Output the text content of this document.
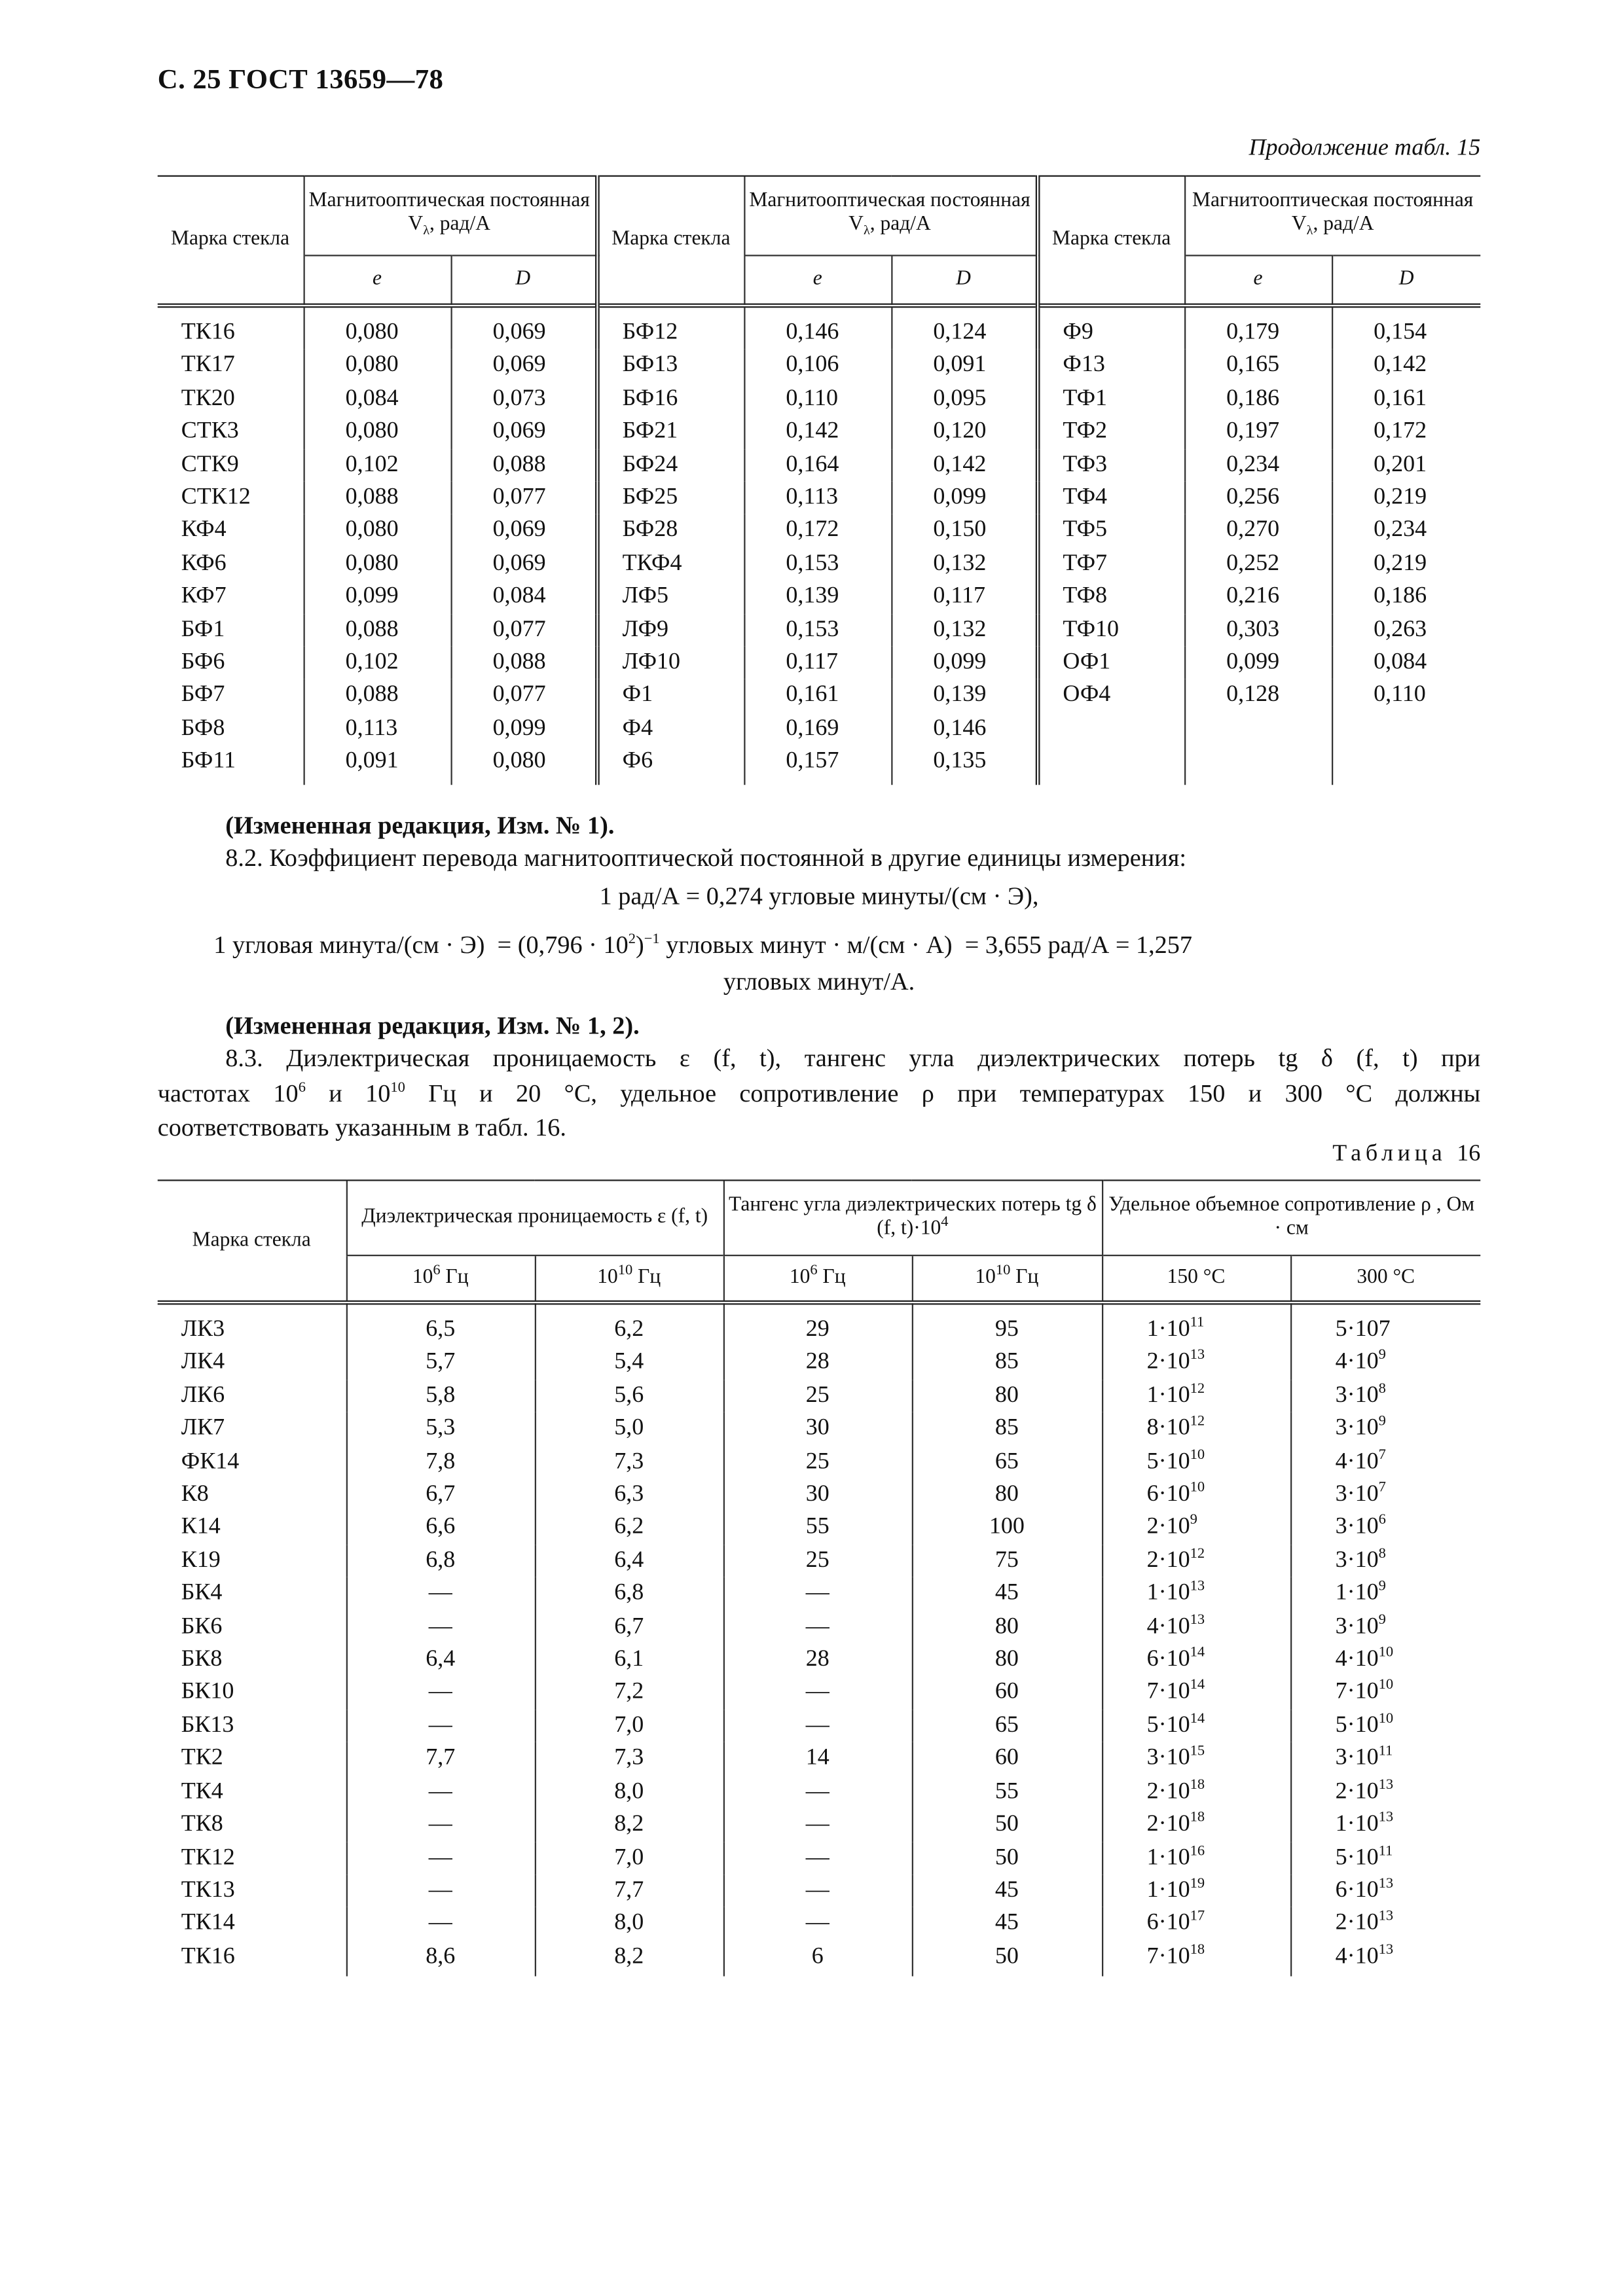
С. 25 ГОСТ 13659—78
Продолжение табл. 15
Марка стекла	Магнитооптическая постоянная $V_\lambda$, рад/А		Марка стекла	Магнитооптическая постоянная $V_\lambda$, рад/А		Марка стекла	Магнитооптическая постоянная $V_\lambda$, рад/А	
	e	D		e	D		e	D
ТК16	0,080	0,069	БФ12	0,146	0,124	Ф9	0,179	0,154
ТК17	0,080	0,069	БФ13	0,106	0,091	Ф13	0,165	0,142
ТК20	0,084	0,073	БФ16	0,110	0,095	ТФ1	0,186	0,161
СТК3	0,080	0,069	БФ21	0,142	0,120	ТФ2	0,197	0,172
СТК9	0,102	0,088	БФ24	0,164	0,142	ТФ3	0,234	0,201
СТК12	0,088	0,077	БФ25	0,113	0,099	ТФ4	0,256	0,219
КФ4	0,080	0,069	БФ28	0,172	0,150	ТФ5	0,270	0,234
КФ6	0,080	0,069	ТКФ4	0,153	0,132	ТФ7	0,252	0,219
КФ7	0,099	0,084	ЛФ5	0,139	0,117	ТФ8	0,216	0,186
БФ1	0,088	0,077	ЛФ9	0,153	0,132	ТФ10	0,303	0,263
БФ6	0,102	0,088	ЛФ10	0,117	0,099	ОФ1	0,099	0,084
БФ7	0,088	0,077	Ф1	0,161	0,139	ОФ4	0,128	0,110
БФ8	0,113	0,099	Ф4	0,169	0,146			
БФ11	0,091	0,080	Ф6	0,157	0,135			
(Измененная редакция, Изм. № 1).
8.2. Коэффициент перевода магнитооптической постоянной в другие единицы измерения:
1 рад/А = 0,274 угловые минуты/(см · Э),
1 угловая минута/(см · $Э) = (0,796 \cdot 10^2)^{-1}$ угловых минут · м/(см · А)  = 3,655 рад/А = 1,257
угловых минут/А.
(Измененная редакция, Изм. № 1, 2).
8.3. Диэлектрическая проницаемость ε (f, t), тангенс угла диэлектрических потерь tg δ (f, t) при
частотах $10^6$ и $10^{10}$ Гц и 20 °С, удельное сопротивление ρ при температурах 150 и 300 °С должны
соответствовать указанным в табл. 16.
Таблица 16
Марка стекла	Диэлектрическая проницаемость ε (f, t)		Тангенс угла диэлектрических потерь tg δ (f, $t)\cdot 10^4$		Удельное объемное сопротивление ρ , Ом · см	
	$10^6$ Гц	$10^{10}$ Гц	$10^6$ Гц	$10^{10}$ Гц	150 °С	300 °С
ЛК3	6,5	6,2	29	95	$1\cdot 10^{11}$	5·107
ЛК4	5,7	5,4	28	85	$2\cdot 10^{13}$	$4\cdot 10^9$
ЛК6	5,8	5,6	25	80	$1\cdot 10^{12}$	$3\cdot 10^8$
ЛК7	5,3	5,0	30	85	$8\cdot 10^{12}$	$3\cdot 10^9$
ФК14	7,8	7,3	25	65	$5\cdot 10^{10}$	$4\cdot 10^7$
К8	6,7	6,3	30	80	$6\cdot 10^{10}$	$3\cdot 10^7$
К14	6,6	6,2	55	100	$2\cdot 10^9$	$3\cdot 10^6$
К19	6,8	6,4	25	75	$2\cdot 10^{12}$	$3\cdot 10^8$
БК4	—	6,8	—	45	$1\cdot 10^{13}$	$1\cdot 10^9$
БК6	—	6,7	—	80	$4\cdot 10^{13}$	$3\cdot 10^9$
БК8	6,4	6,1	28	80	$6\cdot 10^{14}$	$4\cdot 10^{10}$
БК10	—	7,2	—	60	$7\cdot 10^{14}$	$7\cdot 10^{10}$
БК13	—	7,0	—	65	$5\cdot 10^{14}$	$5\cdot 10^{10}$
ТК2	7,7	7,3	14	60	$3\cdot 10^{15}$	$3\cdot 10^{11}$
ТК4	—	8,0	—	55	$2\cdot 10^{18}$	$2\cdot 10^{13}$
ТК8	—	8,2	—	50	$2\cdot 10^{18}$	$1\cdot 10^{13}$
ТК12	—	7,0	—	50	$1\cdot 10^{16}$	$5\cdot 10^{11}$
ТК13	—	7,7	—	45	$1\cdot 10^{19}$	$6\cdot 10^{13}$
ТК14	—	8,0	—	45	$6\cdot 10^{17}$	$2\cdot 10^{13}$
ТК16	8,6	8,2	6	50	$7\cdot 10^{18}$	$4\cdot 10^{13}$
